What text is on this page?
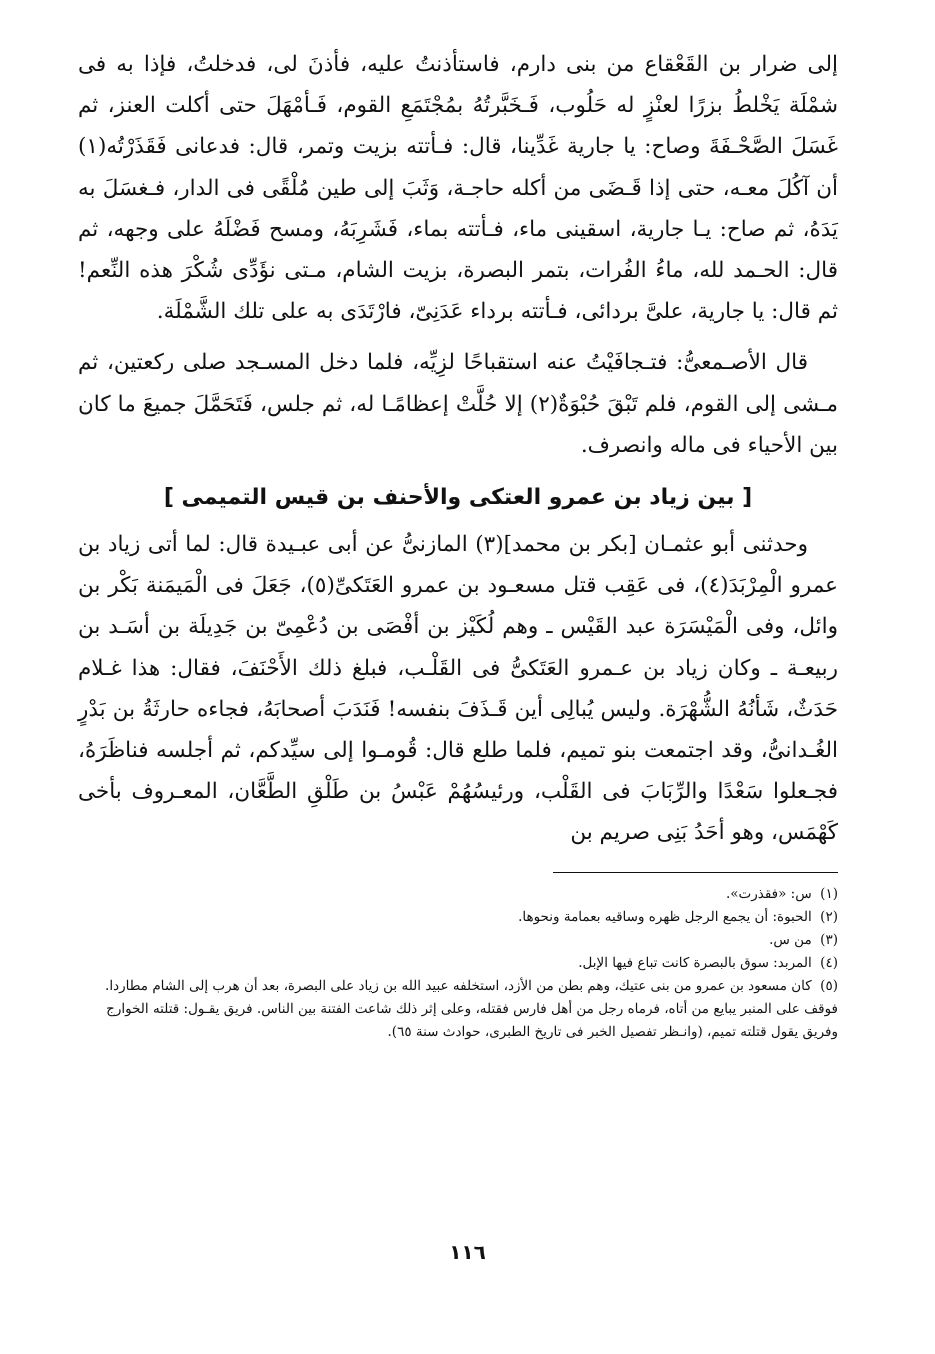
إلى ضرار بن القَعْقاع من بنى دارم، فاستأذنتُ عليه، فأذنَ لى، فدخلتُ، فإذا به فى شمْلَة يَخْلطُ بزرًا لعنْزٍ له حَلُوب، فَـخَبَّرتُهُ بمُجْتَمَعِ القوم، فَـأمْهَلَ حتى أكلت العنز، ثم غَسَلَ الصَّحْـفَةَ وصاح: يا جارية غَدِّينا، قال: فـأتته بزيت وتمر، قال: فدعانى فَقَذَرْتُه(١) أن آكُلَ معـه، حتى إذا قَـضَى من أكله حاجـة، وَثَبَ إلى طين مُلْقًى فى الدار، فـغسَلَ به يَدَهُ، ثم صاح: يـا جارية، اسقينى ماء، فـأتته بماء، فَشَرِبَهُ، ومسح فَضْلَهُ على وجهه، ثم قال: الحـمد لله، ماءُ الفُرات، بتمر البصرة، بزيت الشام، مـتى نؤَدِّى شُكْرَ هذه النِّعم! ثم قال: يا جارية، علىَّ بردائى، فـأتته برداء عَدَنِىّ، فارْتَدَى به على تلك الشَّمْلَة.

قال الأصـمعىُّ: فتـجافَيْتُ عنه استقباحًا لزِيِّه، فلما دخل المسـجد صلى ركعتين، ثم مـشى إلى القوم، فلم تَبْقَ حُبْوَةٌ(٢) إلا حُلَّتْ إعظامًـا له، ثم جلس، فَتَحَمَّلَ جميعَ ما كان بين الأحياء فى ماله وانصرف.

[ بين زياد بن عمرو العتكى والأحنف بن قيس التميمى ]

وحدثنى أبو عثمـان [بكر بن محمد](٣) المازنىُّ عن أبى عبـيدة قال: لما أتى زياد بن عمرو الْمِرْبَدَ(٤)، فى عَقِب قتل مسعـود بن عمرو العَتَكىِّ(٥)، جَعَلَ فى الْمَيمَنة بَكْر بن وائل، وفى الْمَيْسَرَة عبد القَيْس ـ وهم لُكَيْز بن أفْصَى بن دُعْمِىّ بن جَدِيلَة بن أسَـد بن ربيعـة ـ وكان زياد بن عـمرو العَتَكىُّ فى القَلْـب، فبلغ ذلك الأَحْنَفَ، فقال: هذا غـلام حَدَثٌ، شَأنُهُ الشُّهْرَة. وليس يُبالِى أين قَـذَفَ بنفسه! فَنَدَبَ أصحابَهُ، فجاءه حارثَةُ بن بَدْرٍ الغُـدانىُّ، وقد اجتمعت بنو تميم، فلما طلع قال: قُومـوا إلى سيِّدكم، ثم أجلسه فناظَرَهُ، فجـعلوا سَعْدًا والرِّبَابَ فى القَلْب، ورئيسُهُمْ عَبْسُ بن طَلْقِ الطَّعَّان، المعـروف بأخى كَهْمَس، وهو أحَدُ بَنِى صريم بن

(١) س: «فقذرت».

(٢) الحبوة: أن يجمع الرجل ظهره وساقيه بعمامة ونحوها.

(٣) من س.

(٤) المربد: سوق بالبصرة كانت تباع فيها الإبل.

(٥) كان مسعود بن عمرو من بنى عتيك، وهم بطن من الأزد، استخلفه عبيد الله بن زياد على البصرة، بعد أن هرب إلى الشام مطاردا. فوقف على المنبر يبايع من أتاه، فرماه رجل من أهل فارس فقتله، وعلى إثر ذلك شاعت الفتنة بين الناس. فريق يقـول: قتلته الخوارج وفريق يقول قتلته تميم، (وانـظر تفصيل الخبر فى تاريخ الطبرى، حوادث سنة ٦٥).

١١٦
